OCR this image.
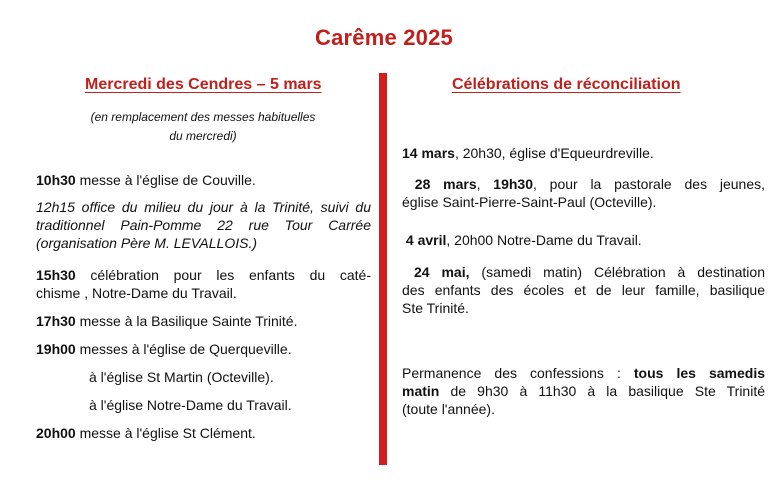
Carême 2025
Mercredi des Cendres – 5 mars
(en remplacement des messes habituelles
du mercredi)
10h30 messe à l'église de Couville.
12h15 office du milieu du jour à la Trinité, suivi du
traditionnel Pain-Pomme 22 rue Tour Carrée
(organisation Père M. LEVALLOIS.)
15h30 célébration pour les enfants du caté-
chisme , Notre-Dame du Travail.
17h30 messe à la Basilique Sainte Trinité.
19h00 messes à l'église de Querqueville.
à l'église St Martin (Octeville).
à l'église Notre-Dame du Travail.
20h00 messe à l'église St Clément.
Célébrations de réconciliation
14 mars, 20h30, église d'Equeurdreville.
28 mars, 19h30, pour la pastorale des jeunes,
église Saint-Pierre-Saint-Paul (Octeville).
4 avril, 20h00 Notre-Dame du Travail.
24 mai, (samedi matin) Célébration à destination
des enfants des écoles et de leur famille, basilique
Ste Trinité.
Permanence des confessions : tous les samedis
matin de 9h30 à 11h30 à la basilique Ste Trinité
(toute l'année).
